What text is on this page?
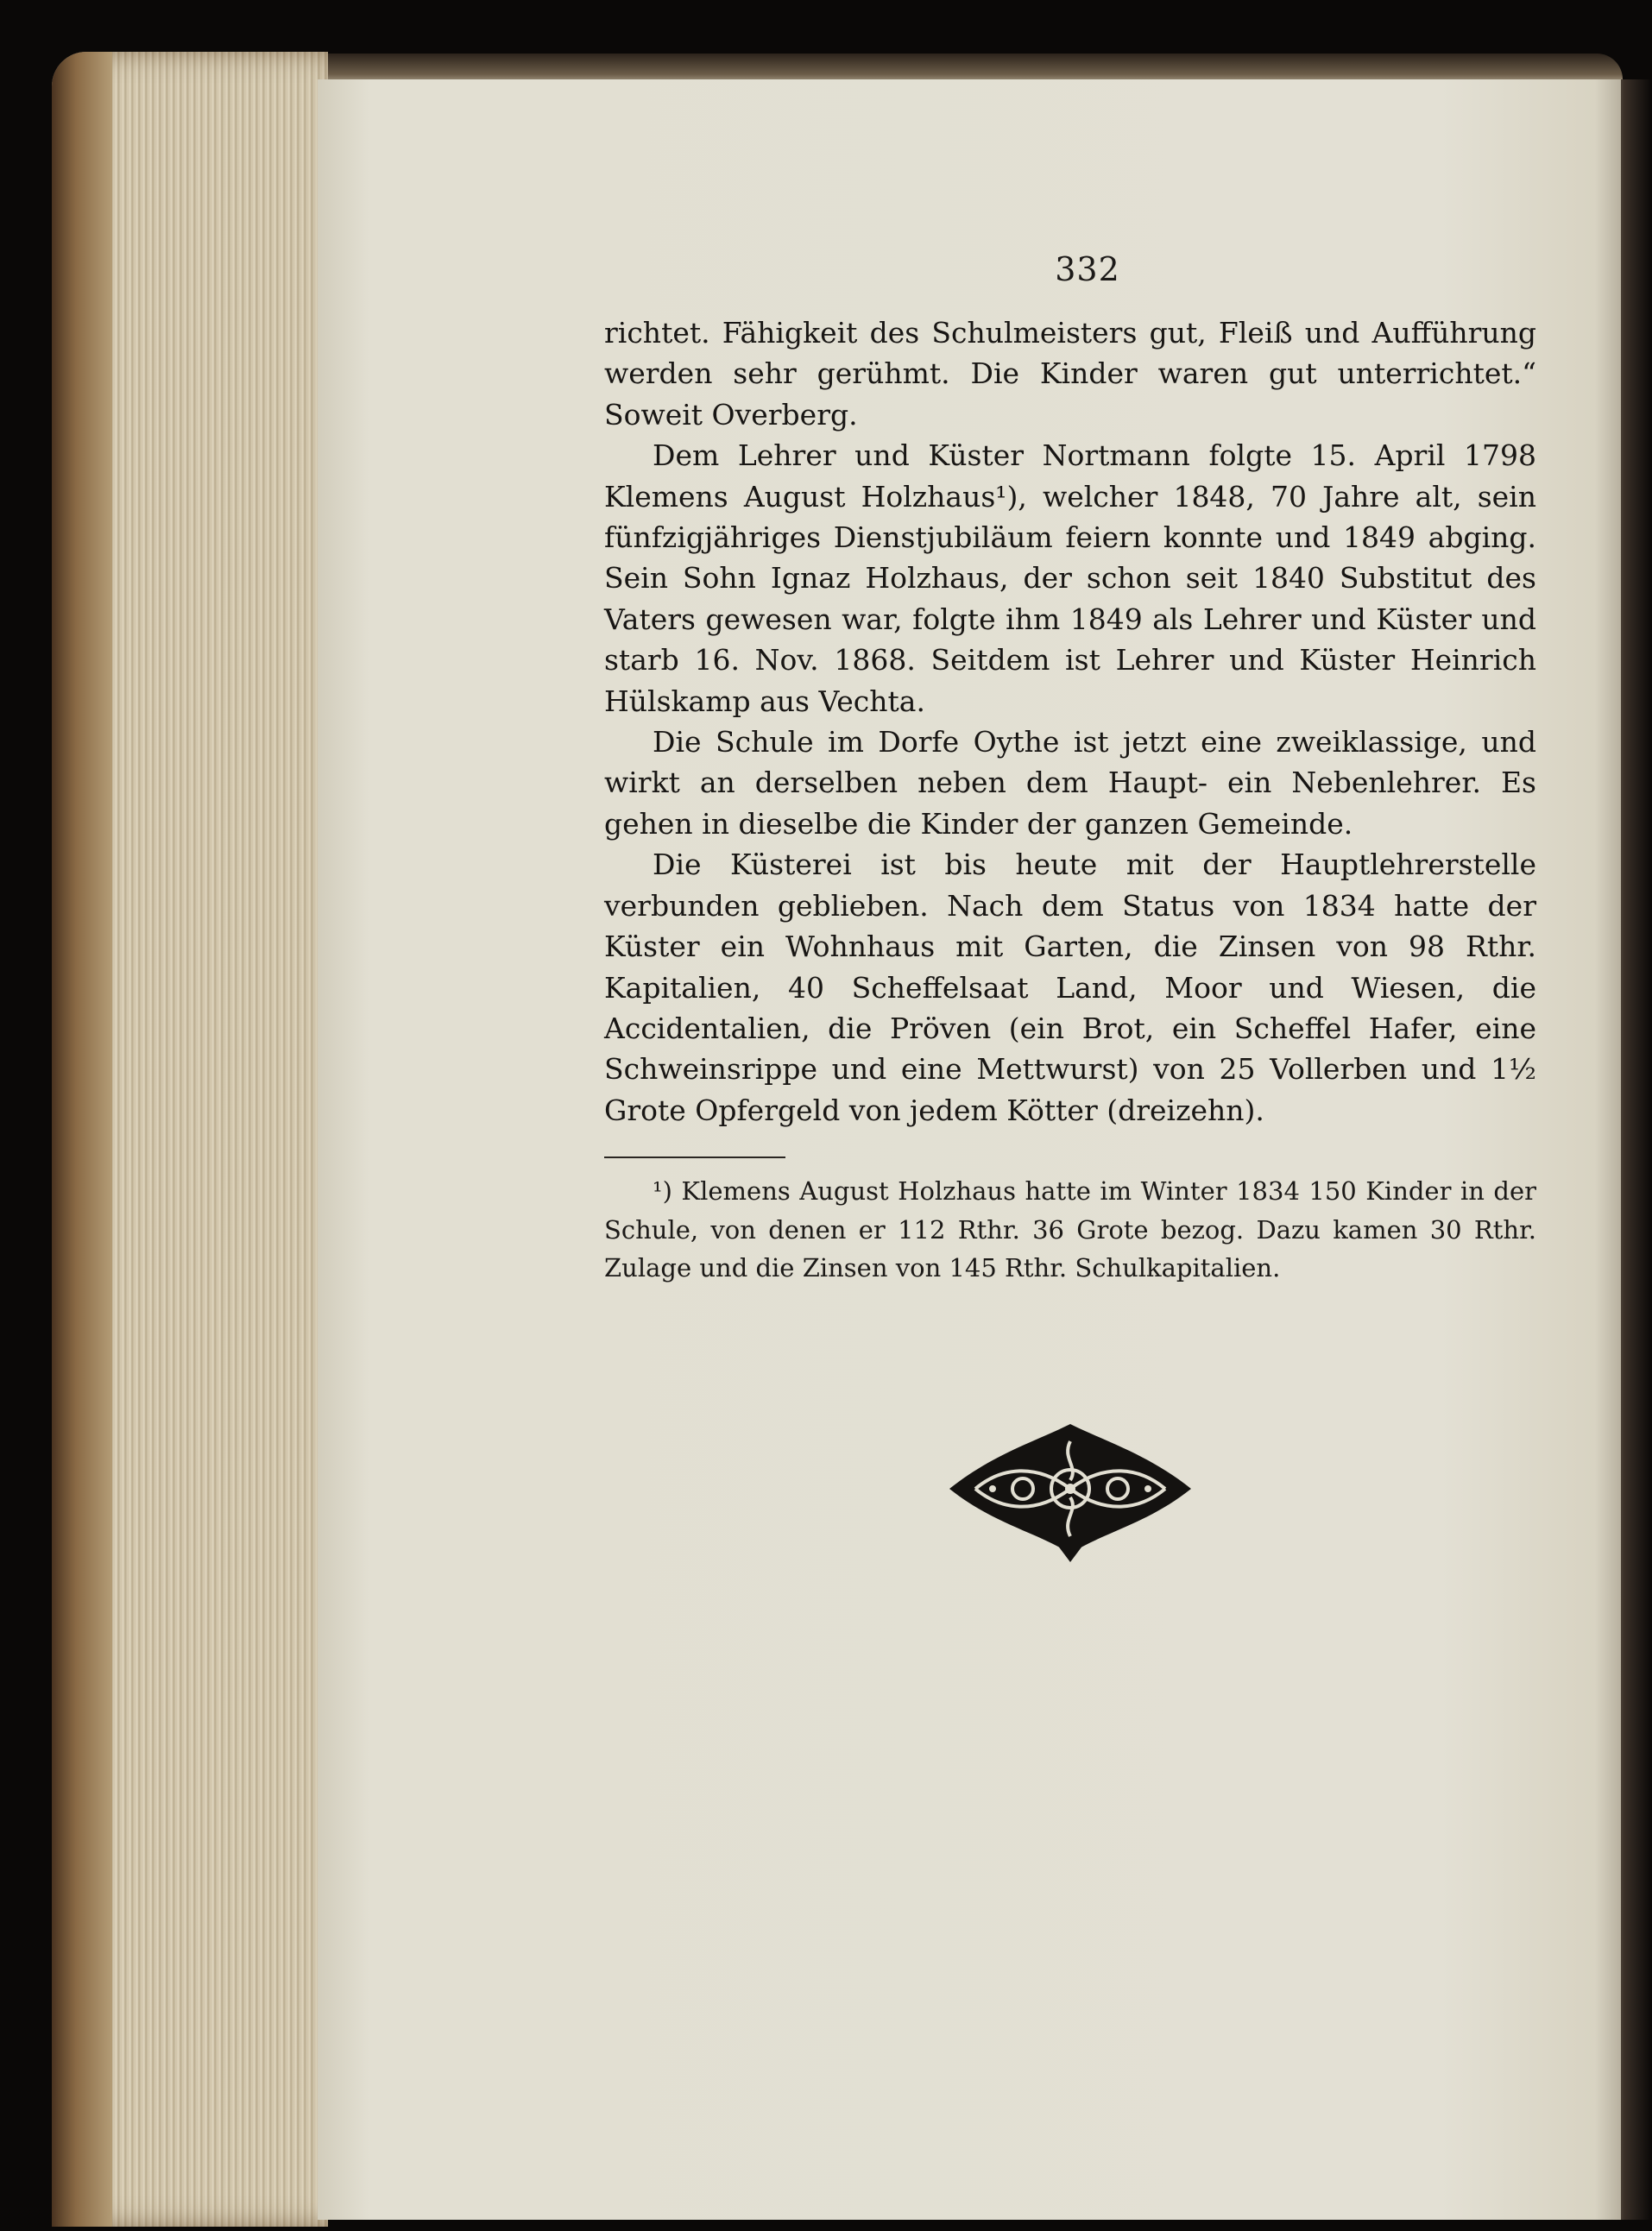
332

richtet. Fähigkeit des Schulmeisters gut, Fleiß und Aufführung werden sehr gerühmt. Die Kinder waren gut unterrichtet.“ Soweit Overberg.

Dem Lehrer und Küster Nortmann folgte 15. April 1798 Klemens August Holzhaus¹), welcher 1848, 70 Jahre alt, sein fünfzigjähriges Dienstjubiläum feiern konnte und 1849 abging. Sein Sohn Ignaz Holzhaus, der schon seit 1840 Substitut des Vaters gewesen war, folgte ihm 1849 als Lehrer und Küster und starb 16. Nov. 1868. Seitdem ist Lehrer und Küster Heinrich Hülskamp aus Vechta.

Die Schule im Dorfe Oythe ist jetzt eine zweiklassige, und wirkt an derselben neben dem Haupt- ein Nebenlehrer. Es gehen in dieselbe die Kinder der ganzen Gemeinde.

Die Küsterei ist bis heute mit der Hauptlehrerstelle verbunden geblieben. Nach dem Status von 1834 hatte der Küster ein Wohnhaus mit Garten, die Zinsen von 98 Rthr. Kapitalien, 40 Scheffelsaat Land, Moor und Wiesen, die Accidentalien, die Pröven (ein Brot, ein Scheffel Hafer, eine Schweinsrippe und eine Mettwurst) von 25 Vollerben und 1½ Grote Opfergeld von jedem Kötter (dreizehn).

¹) Klemens August Holzhaus hatte im Winter 1834 150 Kinder in der Schule, von denen er 112 Rthr. 36 Grote bezog. Dazu kamen 30 Rthr. Zulage und die Zinsen von 145 Rthr. Schulkapitalien.
